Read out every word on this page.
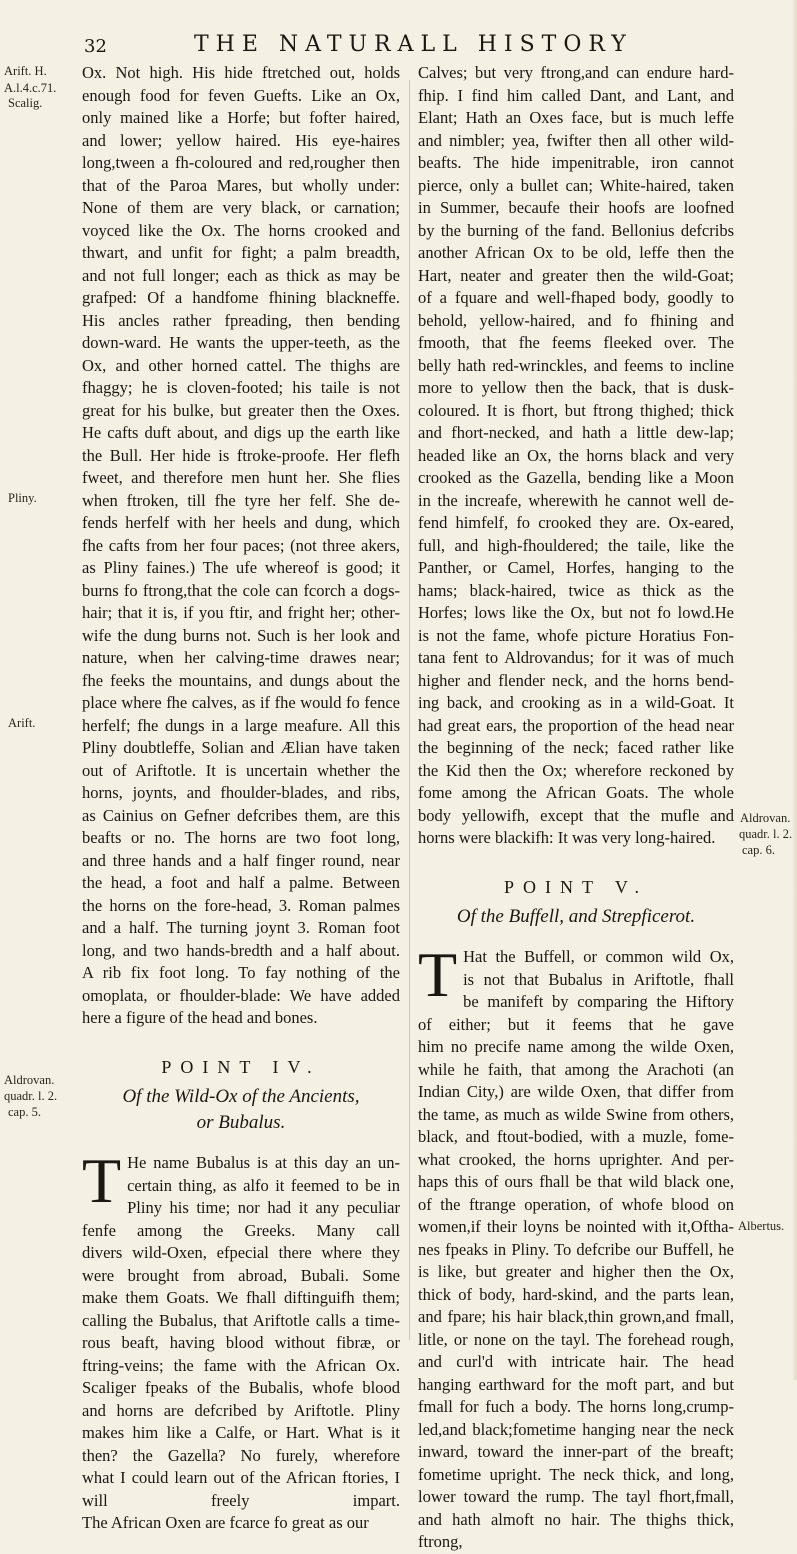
32	THE NATURALL HISTORY
Arift. H.
A.l.4.c.71.
Scalig.
Pliny.
Arift.
Aldrovan.
quadr. l. 2.
cap. 5.
Aldrovan.
quadr. l. 2.
cap. 6.
Albertus.

Ox. Not high. His hide ftretched out, holds
enough food for feven Guefts. Like an Ox,
only mained like a Horfe; but fofter haired,
and lower; yellow haired. His eye-haires
long,tween a fh-coloured and red,rougher then
that of the Paroa Mares, but wholly under:
None of them are very black, or carnation;
voyced like the Ox. The horns crooked and
thwart, and unfit for fight; a palm breadth,
and not full longer; each as thick as may be
grafped: Of a handfome fhining blackneffe.
His ancles rather fpreading, then bending
down-ward. He wants the upper-teeth, as the
Ox, and other horned cattel. The thighs are
fhaggy; he is cloven-footed; his taile is not
great for his bulke, but greater then the Oxes.
He cafts duft about, and digs up the earth like
the Bull. Her hide is ftroke-proofe. Her flefh
fweet, and therefore men hunt her. She flies
when ftroken, till fhe tyre her felf. She de-
fends herfelf with her heels and dung, which
fhe cafts from her four paces; (not three akers,
as Pliny faines.) The ufe whereof is good; it
burns fo ftrong,that the cole can fcorch a dogs-
hair; that it is, if you ftir, and fright her; other-
wife the dung burns not. Such is her look and
nature, when her calving-time drawes near;
fhe feeks the mountains, and dungs about the
place where fhe calves, as if fhe would fo fence
herfelf; fhe dungs in a large meafure. All this
Pliny doubtleffe, Solian and Ælian have taken
out of Ariftotle. It is uncertain whether the
horns, joynts, and fhoulder-blades, and ribs,
as Cainius on Gefner defcribes them, are this
beafts or no. The horns are two foot long,
and three hands and a half finger round, near
the head, a foot and half a palme. Between
the horns on the fore-head, 3. Roman palmes
and a half. The turning joynt 3. Roman foot
long, and two hands-bredth and a half about.
A rib fix foot long. To fay nothing of the
omoplata, or fhoulder-blade: We have added
here a figure of the head and bones.

POINT IV.
Of the Wild-Ox of the Ancients,
or Bubalus.

T He name Bubalus is at this day an un-
certain thing, as alfo it feemed to be in
Pliny his time; nor had it any peculiar
fenfe among the Greeks. Many call
divers wild-Oxen, efpecial there where they
were brought from abroad, Bubali. Some
make them Goats. We fhall diftinguifh them;
calling the Bubalus, that Ariftotle calls a time-
rous beaft, having blood without fibræ, or
ftring-veins; the fame with the African Ox.
Scaliger fpeaks of the Bubalis, whofe blood
and horns are defcribed by Ariftotle. Pliny
makes him like a Calfe, or Hart. What is it
then? the Gazella? No furely, wherefore
what I could learn out of the African ftories, I
will freely impart.
The African Oxen are fcarce fo great as our

Calves; but very ftrong,and can endure hard-
fhip. I find him called Dant, and Lant, and
Elant; Hath an Oxes face, but is much leffe
and nimbler; yea, fwifter then all other wild-
beafts. The hide impenitrable, iron cannot
pierce, only a bullet can; White-haired, taken
in Summer, becaufe their hoofs are loofned
by the burning of the fand. Bellonius defcribs
another African Ox to be old, leffe then the
Hart, neater and greater then the wild-Goat;
of a fquare and well-fhaped body, goodly to
behold, yellow-haired, and fo fhining and
fmooth, that fhe feems fleeked over. The
belly hath red-wrinckles, and feems to incline
more to yellow then the back, that is dusk-
coloured. It is fhort, but ftrong thighed; thick
and fhort-necked, and hath a little dew-lap;
headed like an Ox, the horns black and very
crooked as the Gazella, bending like a Moon
in the increafe, wherewith he cannot well de-
fend himfelf, fo crooked they are. Ox-eared,
full, and high-fhouldered; the taile, like the
Panther, or Camel, Horfes, hanging to the
hams; black-haired, twice as thick as the
Horfes; lows like the Ox, but not fo lowd.He
is not the fame, whofe picture Horatius Fon-
tana fent to Aldrovandus; for it was of much
higher and flender neck, and the horns bend-
ing back, and crooking as in a wild-Goat. It
had great ears, the proportion of the head near
the beginning of the neck; faced rather like
the Kid then the Ox; wherefore reckoned by
fome among the African Goats. The whole
body yellowifh, except that the mufle and
horns were blackifh: It was very long-haired.

POINT V.
Of the Buffell, and Strepficerot.

T Hat the Buffell, or common wild Ox,
is not that Bubalus in Ariftotle, fhall
be manifeft by comparing the Hiftory
of either; but it feems that he gave
him no precife name among the wilde Oxen,
while he faith, that among the Arachoti (an
Indian City,) are wilde Oxen, that differ from
the tame, as much as wilde Swine from others,
black, and ftout-bodied, with a muzle, fome-
what crooked, the horns uprighter. And per-
haps this of ours fhall be that wild black one,
of the ftrange operation, of whofe blood on
women,if their loyns be nointed with it,Oftha-
nes fpeaks in Pliny. To defcribe our Buffell, he
is like, but greater and higher then the Ox,
thick of body, hard-skind, and the parts lean,
and fpare; his hair black,thin grown,and fmall,
litle, or none on the tayl. The forehead rough,
and curl'd with intricate hair. The head
hanging earthward for the moft part, and but
fmall for fuch a body. The horns long,crump-
led,and black;fometime hanging near the neck
inward, toward the inner-part of the breaft;
fometime upright. The neck thick, and long,
lower toward the rump. The tayl fhort,fmall,
and hath almoft no hair. The thighs thick,
ftrong,
